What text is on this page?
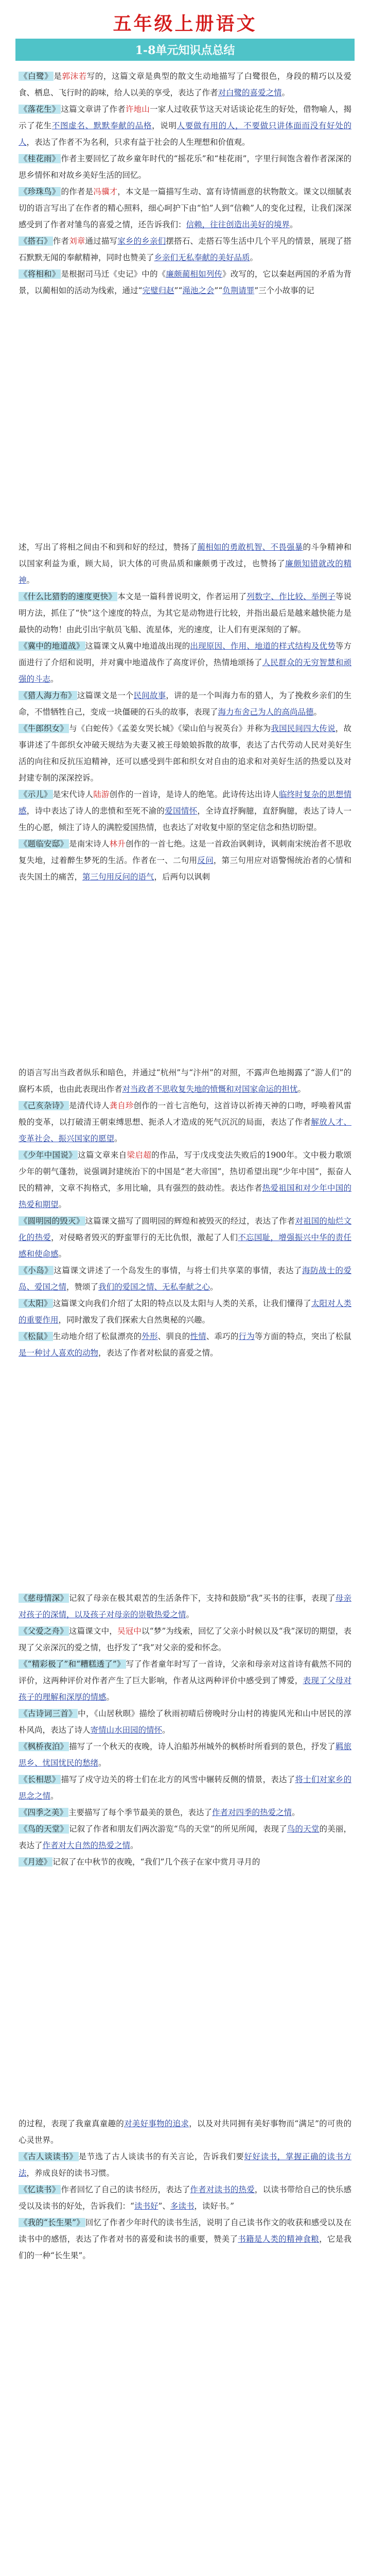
五年级上册语文
1-8单元知识点总结

《白鹭》 是郭沫若写的，这篇文章是典型的散文生动地描写了白鹭很色，身段的精巧以及爱食、栖息、飞行时的韵味，给人以美的享受，表达了作者对白鹭的喜爱之情。

《落花生》 这篇文章讲了作者许地山一家人过收获节这天对话谈论花生的好处，借物喻人，揭示了花生不图虚名、默默奉献的品格，说明人要做有用的人，不要做只讲体面而没有好处的人，表达了作者不为名利，只求有益于社会的人生理想和价值观。

《桂花雨》 作者主要回忆了故乡童年时代的“摇花乐”和“桂花雨”，字里行间饱含着作者深深的思乡情怀和对故乡美好生活的回忆。

《珍珠鸟》 的作者是冯骥才，本文是一篇描写生动、富有诗情画意的状物散文。课文以细腻表切的语言写出了在作者的精心照料，细心呵护下由“怕”人到“信赖”人的变化过程，让我们深深感受到了作者对雏鸟的喜爱之情，还告诉我们：信赖，往往创造出美好的境界。

《搭石》 作者刘章通过描写家乡的乡亲们摆搭石、走搭石等生活中几个平凡的情景，展现了搭石默默无闻的奉献精神，同时也赞美了乡亲们无私奉献的美好品质。

《将相和》 是根据司马迁《史记》中的《廉颇蔺相如列传》改写的，它以秦赵两国的矛盾为背景，以蔺相如的活动为线索，通过“完璧归赵”“渑池之会”“负荆请罪”三个小故事的记

述，写出了将相之间由不和到和好的经过，赞扬了蔺相如的勇敢机智、不畏强暴的斗争精神和以国家利益为重，顾大局，识大体的可贵品质和廉颇勇于改过，也赞扬了廉颇知错就改的精神。

《什么比猎豹的速度更快》 本文是一篇科普说明文，作者运用了列数字、作比较、举例子等说明方法，抓住了“快”这个速度的特点，为其它是动物进行比较，并指出最后是越来越快能力是最快的动物！由此引出宇航员飞船、流星体，光的速度，让人们有更深刻的了解。

《冀中的地道战》 这篇课文从冀中地道战出现的出现原因、作用、地道的样式结构及优势等方面进行了介绍和说明，并对冀中地道战作了高度评价，热情地颂扬了人民群众的无穷智慧和顽强的斗志。

《猎人海力布》 这篇课文是一个民间故事，讲的是一个叫海力布的猎人，为了挽救乡亲们的生命，不惜牺牲自己，变成一块僵硬的石头的故事，表现了海力布舍己为人的高尚品德。

《牛郎织女》 与《白蛇传》《孟姜女哭长城》《梁山伯与祝英台》并称为我国民间四大传说，故事讲述了牛郎织女冲破天规结为夫妻又被王母娘娘拆散的故事，表达了古代劳动人民对美好生活的向往和反抗压迫精神，还可以感受到牛郎和织女对自由的追求和对美好生活的热爱以及对封建专制的深深控诉。

《示儿》 是宋代诗人陆游创作的一首诗，是诗人的绝笔。此诗传达出诗人临终时复杂的思想情感，诗中表达了诗人的悲愤和至死不渝的爱国情怀，全诗直抒胸臆，直舒胸臆，表达了诗人一生的心愿，倾注了诗人的满腔爱国热情，也表达了对收复中原的坚定信念和热切盼望。

《题临安邸》 是南宋诗人林升创作的一首七绝。这是一首政治讽刺诗，讽刺南宋统治者不思收复失地，过着醉生梦死的生活。作者在一、二句用反问，第三句用应对语警惕统治者的心情和丧失国土的痛苦，第三句用反问的语气，后两句以讽刺

的语言写出当政者纵乐和暗色，并通过“杭州”与“汴州”的对照，不露声色地揭露了“游人们”的腐朽本质，也由此表现出作者对当政者不思收复失地的愤慨和对国家命运的担忧。

《己亥杂诗》 是清代诗人龚自珍创作的一首七言绝句，这首诗以祈祷天神的口吻，呼唤着风雷般的变革，以打破清王朝束缚思想、扼杀人才造成的死气沉沉的局面，表达了作者解放人才、变革社会、振兴国家的愿望。

《少年中国说》 这篇文章来自梁启超的作品，写于戊戌变法失败后的1900年。文中极力歌颂少年的朝气蓬勃，说强调封建统治下的中国是“老大帝国”，热切希望出现“少年中国”，振奋人民的精神，文章不拘格式，多用比喻，具有强烈的鼓动性。表达作者热爱祖国和对少年中国的热爱和期望。

《圆明园的毁灭》 这篇课文描写了圆明园的辉煌和被毁灭的经过，表达了作者对祖国的灿烂文化的热爱，对侵略者毁灭的野蛮罪行的无比仇恨，激起了人们不忘国耻，增强振兴中华的责任感和使命感。

《小岛》 这篇课文讲述了一个岛发生的事情，与将士们共享菜的事情，表达了海防战士的爱岛、爱国之情，赞颂了我们的爱国之情、无私奉献之心。

《太阳》 这篇课文向我们介绍了太阳的特点以及太阳与人类的关系，让我们懂得了太阳对人类的重要作用，同时激发了我们探索大自然奥秘的兴趣。

《松鼠》 生动地介绍了松鼠漂亮的外形、驯良的性情、乖巧的行为等方面的特点，突出了松鼠是一种讨人喜欢的动物，表达了作者对松鼠的喜爱之情。

《慈母情深》 记叙了母亲在极其艰苦的生活条件下，支持和鼓励“我”买书的往事，表现了母亲对孩子的深情，以及孩子对母亲的崇敬热爱之情。

《父爱之舟》 这篇课文中，吴冠中以“梦”为线索，回忆了父亲小时候以及“我”深切的期望，表现了父亲深沉的爱之情，也抒发了“我”对父亲的爱和怀念。

《“精彩极了”和“糟糕透了”》 写了作者童年时写了一首诗，父亲和母亲对这首诗有截然不同的评价，这两种评价对作者产生了巨大影响，作者从这两种评价中感受到了博爱，表现了父母对孩子的理解和深厚的情感。

《古诗词三首》 中，《山居秋暝》描绘了秋雨初晴后傍晚时分山村的祷旎风光和山中居民的淳朴风尚，表达了诗人寄情山水田园的情怀。

《枫桥夜泊》 描写了一个秋天的夜晚，诗人泊船苏州城外的枫桥时所看到的景色，抒发了羁旅思乡、忧国忧民的愁绪。

《长相思》 描写了戍守边关的将士们在北方的风雪中辗转反侧的情景，表达了将士们对家乡的思念之情。

《四季之美》 主要描写了每个季节最美的景色，表达了作者对四季的热爱之情。

《鸟的天堂》 记叙了作者和朋友们两次游览“鸟的天堂”的所见所闻，表现了鸟的天堂的美丽，表达了作者对大自然的热爱之情。

《月迹》 记叙了在中秋节的夜晚，“我们”几个孩子在家中赏月寻月的

的过程，表现了我童真童趣的对美好事物的追求，以及对共同拥有美好事物而“满足”的可贵的心灵世界。

《古人谈读书》 是节选了古人谈读书的有关言论，告诉我们要好好读书，掌握正确的读书方法，养成良好的读书习惯。

《忆读书》 作者回忆了自己的读书经历，表达了作者对读书的热爱，以读书带给自己的快乐感受以及读书的好处，告诉我们：“读书好”、多读书，读好书。”

《我的“长生果”》 回忆了作者少年时代的读书生活，说明了自己读书作文的收获和感受以及在读书中的感悟，表达了作者对书的喜爱和读书的重要，赞美了书籍是人类的精神食粮，它是我们的一种“长生果”。
